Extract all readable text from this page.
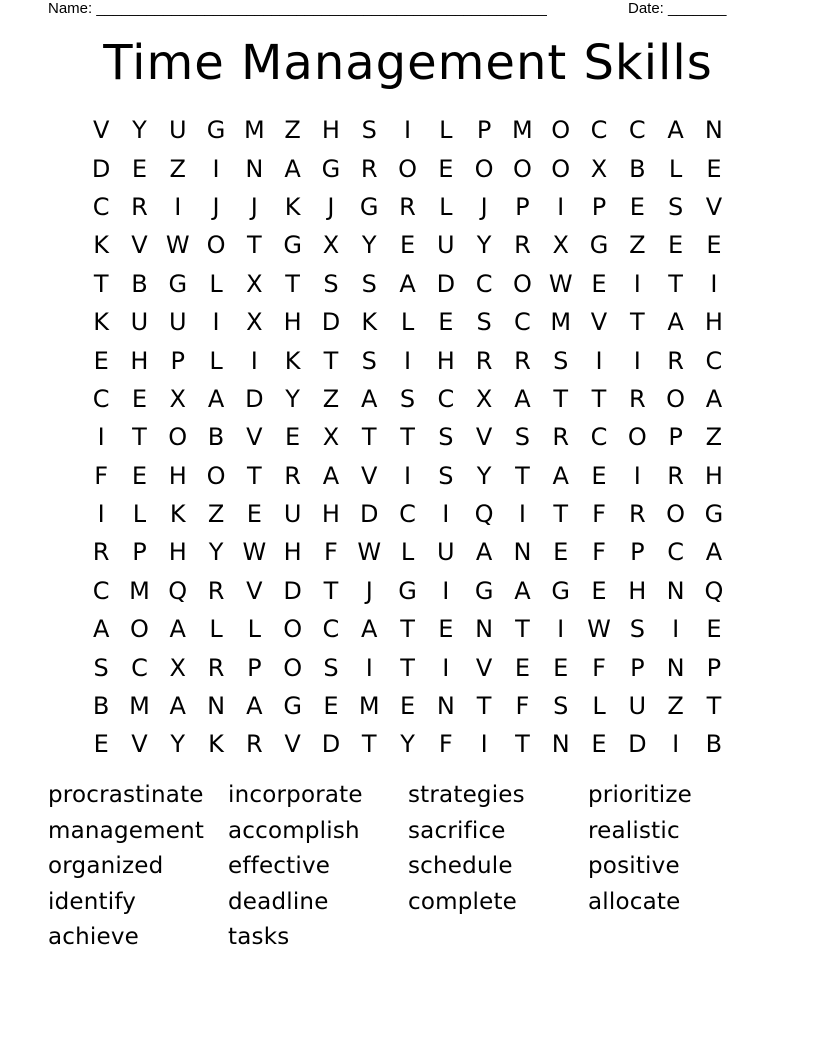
Name: ______________________________________________________	Date: _______
Time Management Skills
V Y U G M Z H S	I	L	P M O C C A N
D E Z	I	N A G R O E O O O X B L	E
C R	I	J	J	K	J	G R L	J	P	I	P E S V
K V W O T G X Y E U Y R X G Z E E
T B G L X T S S A D C O W E	I	T	I
K U U	I	X H D K L	E S C M V T A H
E H P	L	I	K T S	I	H R R S	I	I	R C
C E X A D Y Z A S C X A T T R O A
I	T O B V E X T T S V S R C O P Z
F E H O T R A V	I	S Y T A E	I	R H
I	L K Z E U H D C	I	Q	I	T	F R O G
R P H Y W H F W L U A N E F	P C A
C M Q R V D T	J	G	I	G A G E H N Q
A O A L	L O C A T E N T	I W S	I	E
S C X R P O S	I	T	I	V E E F	P N P
B M A N A G E M E N T	F S L U Z T
E V Y K R V D T Y	F	I	T N E D	I	B
procrastinate	incorporate	strategies	prioritize
management	accomplish	sacrifice	realistic
organized	effective	schedule	positive
identify	deadline	complete	allocate
achieve	tasks
